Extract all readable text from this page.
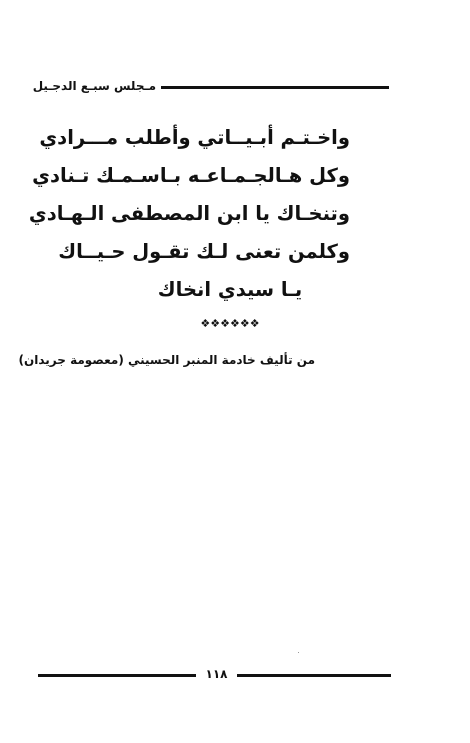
مـجلس سبـع الدجـيل
واخـتـم أبـيــاتي وأطلب مـــرادي
وكل هـالجـمـاعـه بـاسـمـك تـنادي
وتنخـاك يا ابن المصطفى الـهـادي
وكلمن تعنى لـك تقـول حـيــاك
يـا سيدي انخاك
❖❖❖❖❖❖
من تأليف خادمة المنبر الحسيني (معصومة جريدان)
١١٨
